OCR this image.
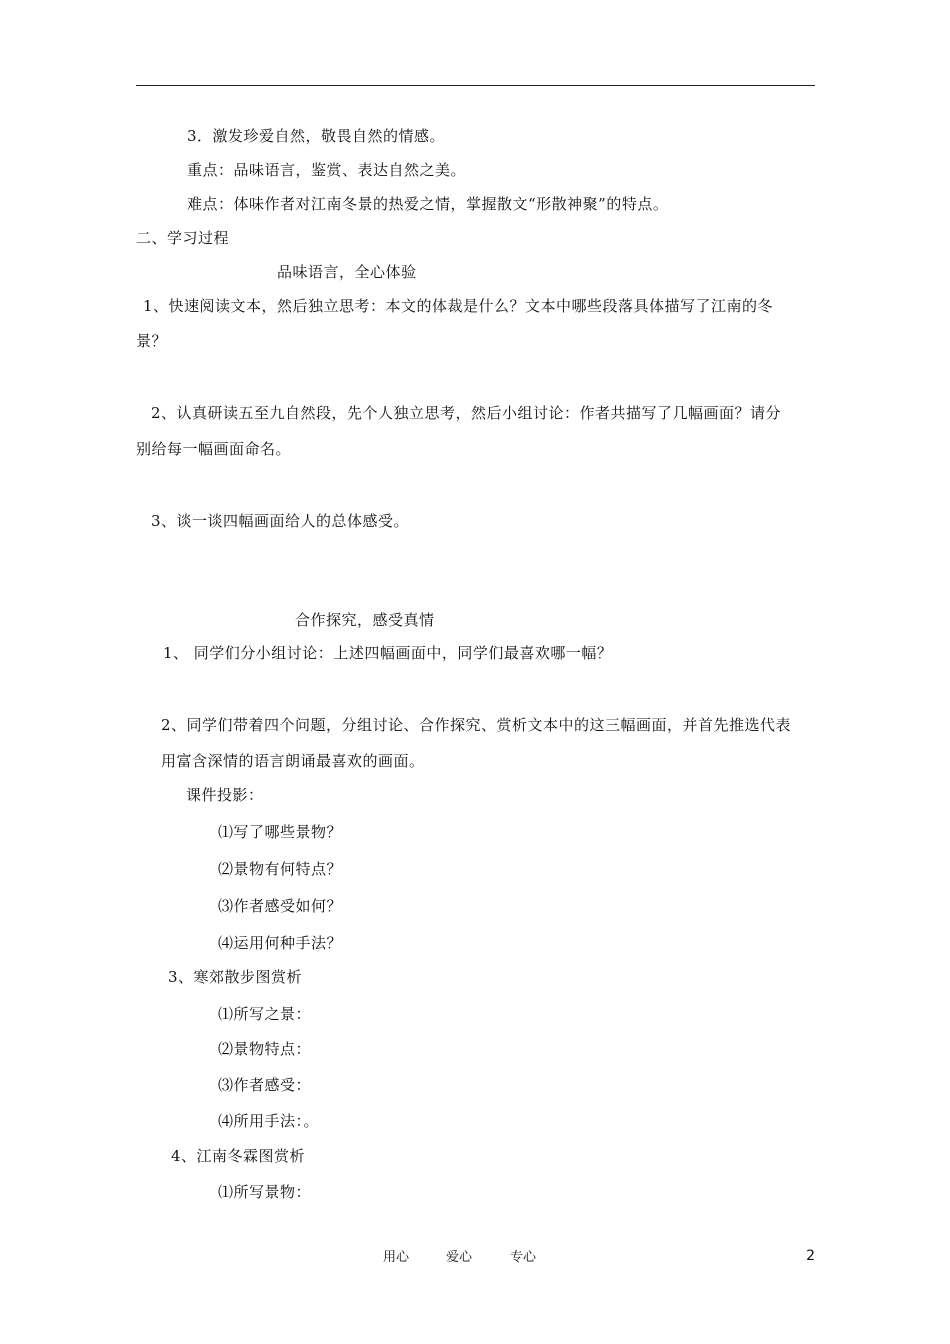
3．激发珍爱自然，敬畏自然的情感。
重点：品味语言，鉴赏、表达自然之美。
难点：体味作者对江南冬景的热爱之情，掌握散文“形散神聚”的特点。
二、学习过程
品味语言，全心体验
1、快速阅读文本，然后独立思考：本文的体裁是什么？文本中哪些段落具体描写了江南的冬
景？
2、认真研读五至九自然段，先个人独立思考，然后小组讨论：作者共描写了几幅画面？请分
别给每一幅画面命名。
3、谈一谈四幅画面给人的总体感受。
合作探究，感受真情
1、 同学们分小组讨论：上述四幅画面中，同学们最喜欢哪一幅？
2、同学们带着四个问题，分组讨论、合作探究、赏析文本中的这三幅画面，并首先推选代表
用富含深情的语言朗诵最喜欢的画面。
课件投影：
⑴写了哪些景物？
⑵景物有何特点？
⑶作者感受如何？
⑷运用何种手法？
3、寒郊散步图赏析
⑴所写之景：
⑵景物特点：
⑶作者感受：
⑷所用手法：。
4、江南冬霖图赏析
⑴所写景物：
用心	爱心	专心	2
